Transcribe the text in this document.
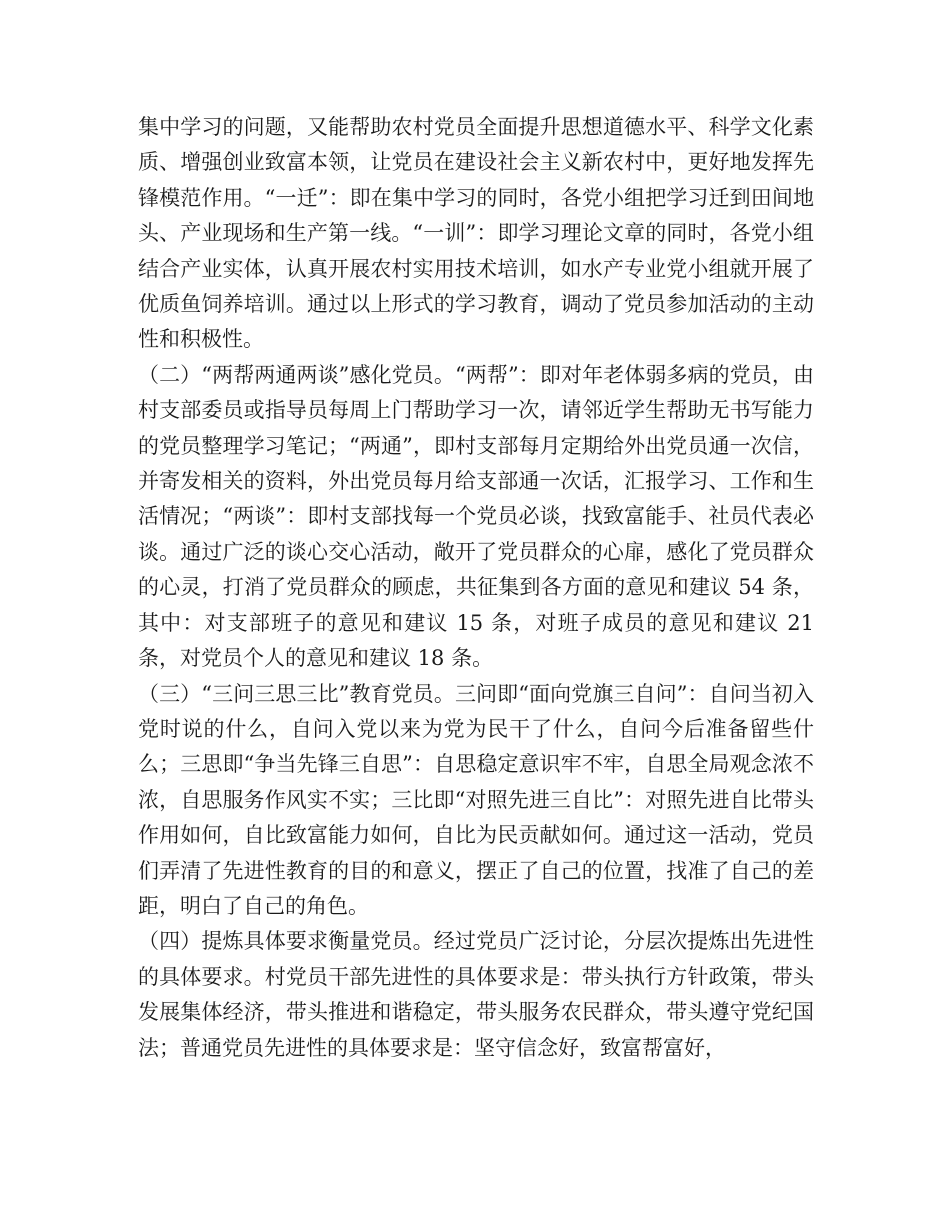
集中学习的问题，又能帮助农村党员全面提升思想道德水平、科学文化素质、增强创业致富本领，让党员在建设社会主义新农村中，更好地发挥先锋模范作用。“一迁”：即在集中学习的同时，各党小组把学习迁到田间地头、产业现场和生产第一线。“一训”：即学习理论文章的同时，各党小组结合产业实体，认真开展农村实用技术培训，如水产专业党小组就开展了优质鱼饲养培训。通过以上形式的学习教育，调动了党员参加活动的主动性和积极性。

（二）“两帮两通两谈”感化党员。“两帮”：即对年老体弱多病的党员，由村支部委员或指导员每周上门帮助学习一次，请邻近学生帮助无书写能力的党员整理学习笔记；“两通”，即村支部每月定期给外出党员通一次信，并寄发相关的资料，外出党员每月给支部通一次话，汇报学习、工作和生活情况；“两谈”：即村支部找每一个党员必谈，找致富能手、社员代表必谈。通过广泛的谈心交心活动，敞开了党员群众的心扉，感化了党员群众的心灵，打消了党员群众的顾虑，共征集到各方面的意见和建议 54 条，其中：对支部班子的意见和建议 15 条，对班子成员的意见和建议 21 条，对党员个人的意见和建议 18 条。

（三）“三问三思三比”教育党员。三问即“面向党旗三自问”：自问当初入党时说的什么，自问入党以来为党为民干了什么，自问今后准备留些什么；三思即“争当先锋三自思”：自思稳定意识牢不牢，自思全局观念浓不浓，自思服务作风实不实；三比即“对照先进三自比”：对照先进自比带头作用如何，自比致富能力如何，自比为民贡献如何。通过这一活动，党员们弄清了先进性教育的目的和意义，摆正了自己的位置，找准了自己的差距，明白了自己的角色。

（四）提炼具体要求衡量党员。经过党员广泛讨论，分层次提炼出先进性的具体要求。村党员干部先进性的具体要求是：带头执行方针政策，带头发展集体经济，带头推进和谐稳定，带头服务农民群众，带头遵守党纪国法；普通党员先进性的具体要求是：坚守信念好，致富帮富好，
